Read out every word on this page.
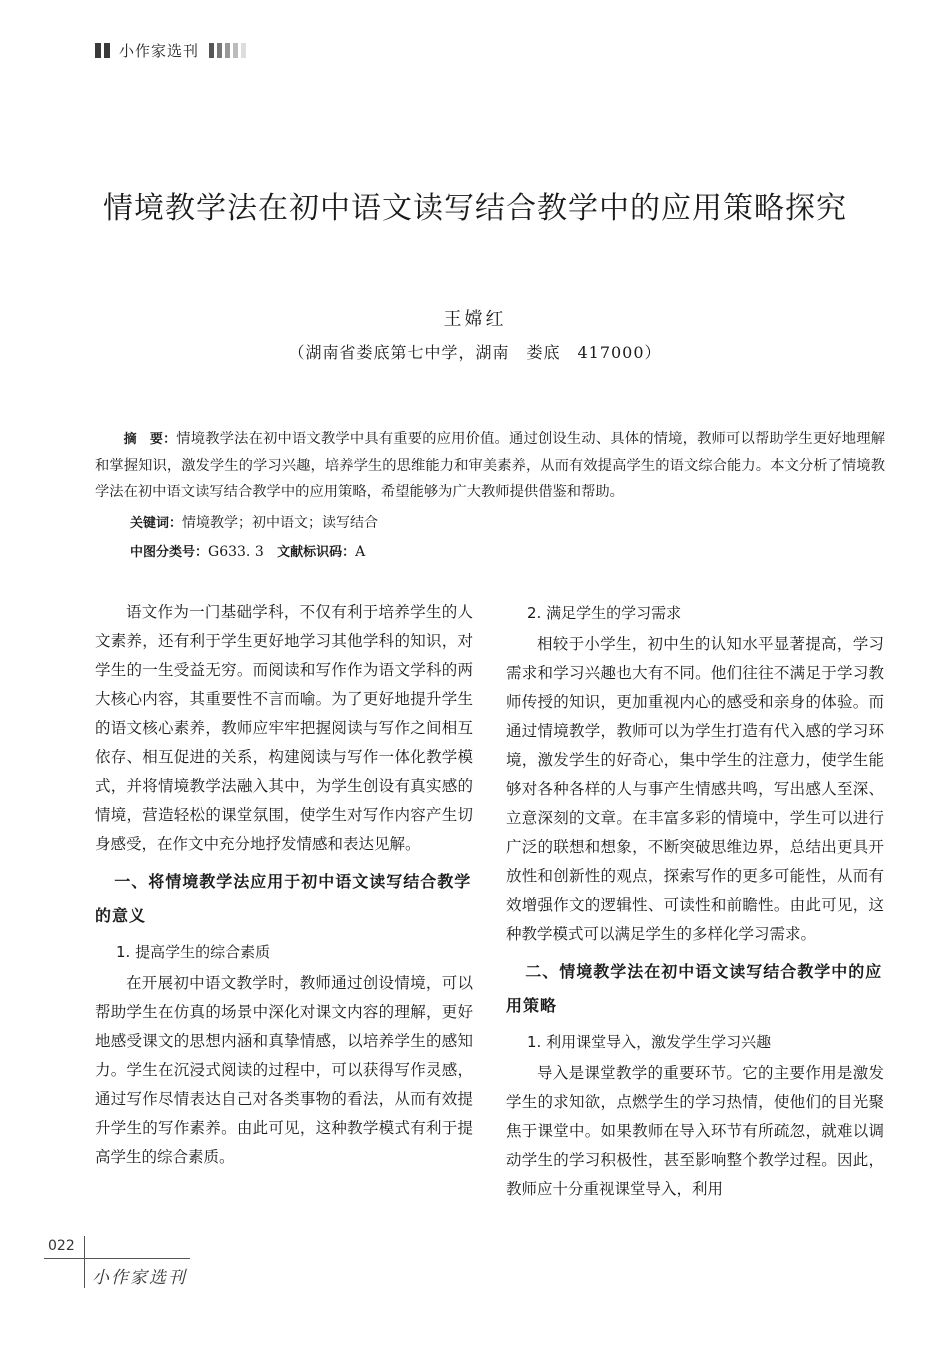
小作家选刊
情境教学法在初中语文读写结合教学中的应用策略探究
王嫦红
（湖南省娄底第七中学，湖南　娄底　417000）

摘　要：情境教学法在初中语文教学中具有重要的应用价值。通过创设生动、具体的情境，教师可以帮助学生更好地理解和掌握知识，激发学生的学习兴趣，培养学生的思维能力和审美素养，从而有效提高学生的语文综合能力。本文分析了情境教学法在初中语文读写结合教学中的应用策略，希望能够为广大教师提供借鉴和帮助。

关键词：情境教学；初中语文；读写结合
中图分类号：G633. 3 文献标识码：A

语文作为一门基础学科，不仅有利于培养学生的人文素养，还有利于学生更好地学习其他学科的知识，对学生的一生受益无穷。而阅读和写作作为语文学科的两大核心内容，其重要性不言而喻。为了更好地提升学生的语文核心素养，教师应牢牢把握阅读与写作之间相互依存、相互促进的关系，构建阅读与写作一体化教学模式，并将情境教学法融入其中，为学生创设有真实感的情境，营造轻松的课堂氛围，使学生对写作内容产生切身感受，在作文中充分地抒发情感和表达见解。

一、将情境教学法应用于初中语文读写结合教学的意义
1. 提高学生的综合素质

在开展初中语文教学时，教师通过创设情境，可以帮助学生在仿真的场景中深化对课文内容的理解，更好地感受课文的思想内涵和真挚情感，以培养学生的感知力。学生在沉浸式阅读的过程中，可以获得写作灵感，通过写作尽情表达自己对各类事物的看法，从而有效提升学生的写作素养。由此可见，这种教学模式有利于提高学生的综合素质。

2. 满足学生的学习需求

相较于小学生，初中生的认知水平显著提高，学习需求和学习兴趣也大有不同。他们往往不满足于学习教师传授的知识，更加重视内心的感受和亲身的体验。而通过情境教学，教师可以为学生打造有代入感的学习环境，激发学生的好奇心，集中学生的注意力，使学生能够对各种各样的人与事产生情感共鸣，写出感人至深、立意深刻的文章。在丰富多彩的情境中，学生可以进行广泛的联想和想象，不断突破思维边界，总结出更具开放性和创新性的观点，探索写作的更多可能性，从而有效增强作文的逻辑性、可读性和前瞻性。由此可见，这种教学模式可以满足学生的多样化学习需求。

二、情境教学法在初中语文读写结合教学中的应用策略
1. 利用课堂导入，激发学生学习兴趣

导入是课堂教学的重要环节。它的主要作用是激发学生的求知欲，点燃学生的学习热情，使他们的目光聚焦于课堂中。如果教师在导入环节有所疏忽，就难以调动学生的学习积极性，甚至影响整个教学过程。因此，教师应十分重视课堂导入，利用

022
小作家选刊
